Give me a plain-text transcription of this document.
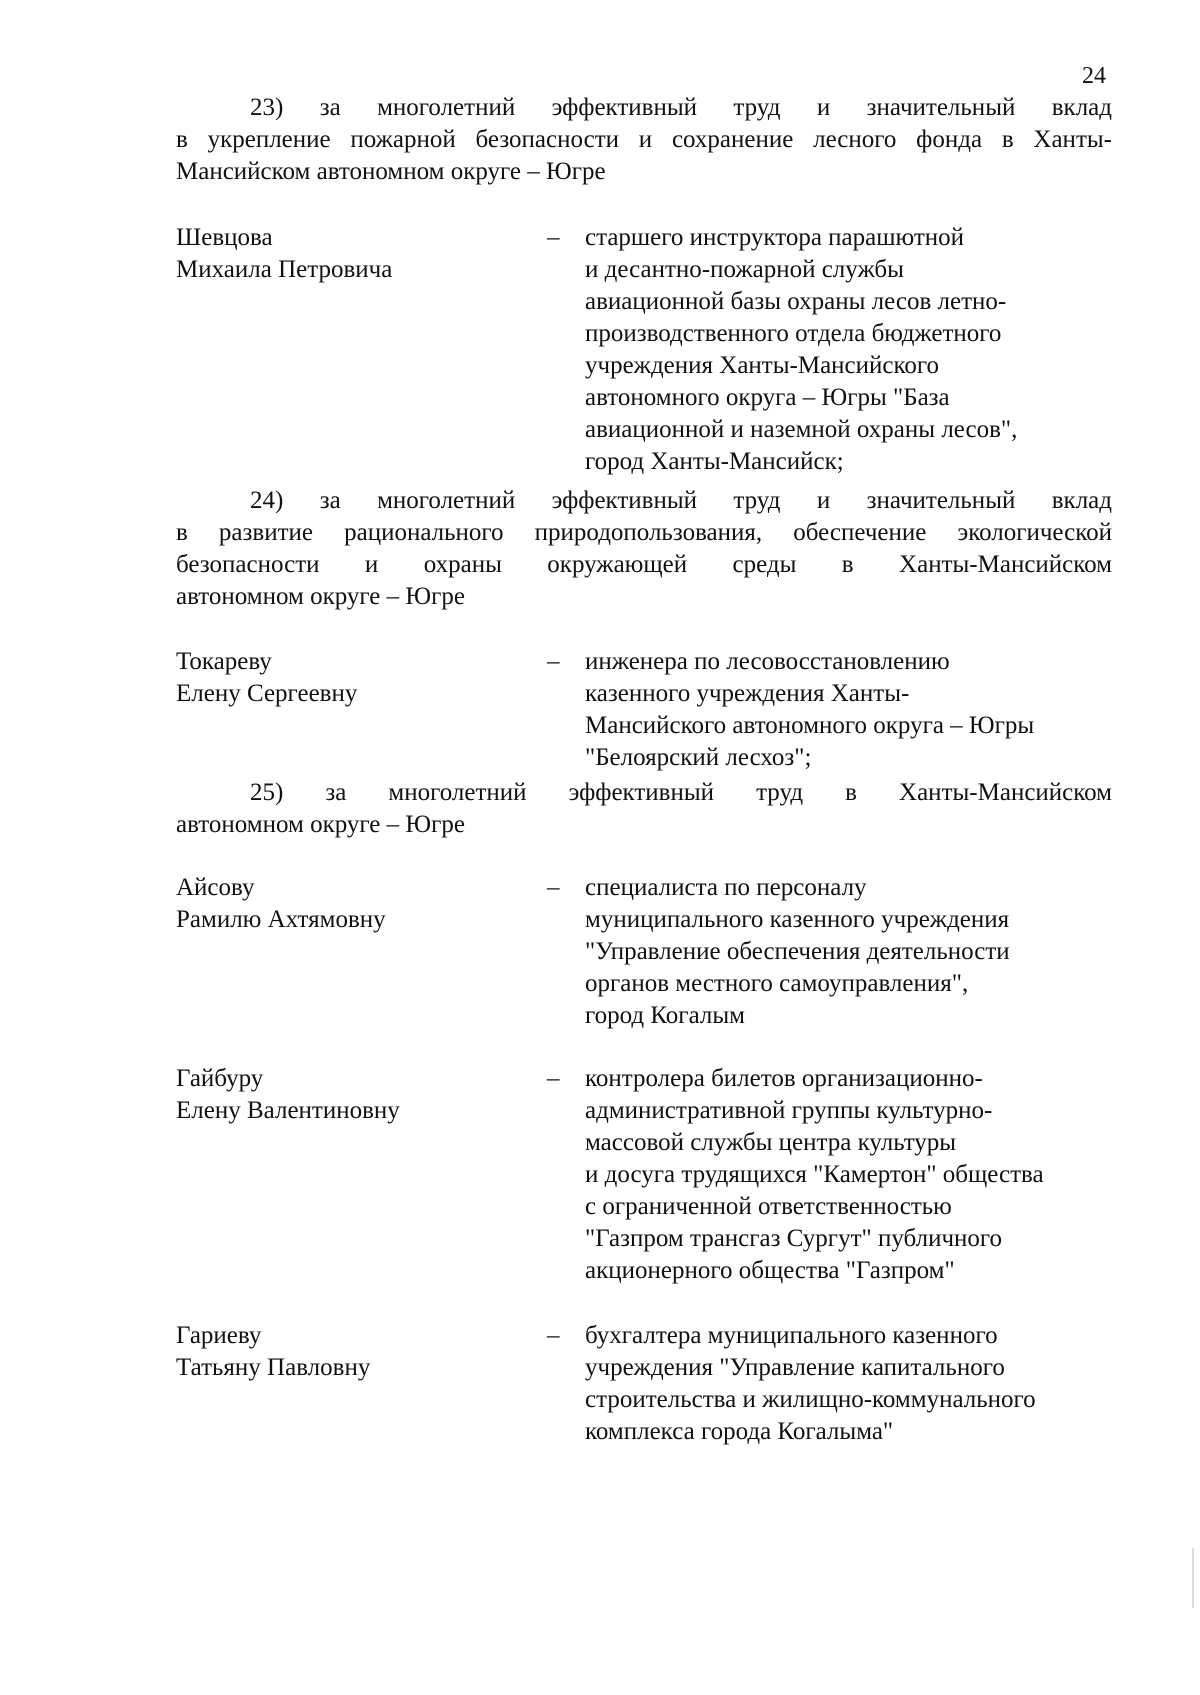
24
23) за многолетний эффективный труд и значительный вклад
в укрепление пожарной безопасности и сохранение лесного фонда в Ханты-
Мансийском автономном округе – Югре
Шевцова
Михаила Петровича
– старшего инструктора парашютной
и десантно-пожарной службы
авиационной базы охраны лесов летно-
производственного отдела бюджетного
учреждения Ханты-Мансийского
автономного округа – Югры "База
авиационной и наземной охраны лесов",
город Ханты-Мансийск;
24) за многолетний эффективный труд и значительный вклад
в развитие рационального природопользования, обеспечение экологической
безопасности и охраны окружающей среды в Ханты-Мансийском
автономном округе – Югре
Токареву
Елену Сергеевну
– инженера по лесовосстановлению
казенного учреждения Ханты-
Мансийского автономного округа – Югры
"Белоярский лесхоз";
25) за многолетний эффективный труд в Ханты-Мансийском
автономном округе – Югре
Айсову
Рамилю Ахтямовну
– специалиста по персоналу
муниципального казенного учреждения
"Управление обеспечения деятельности
органов местного самоуправления",
город Когалым
Гайбуру
Елену Валентиновну
– контролера билетов организационно-
административной группы культурно-
массовой службы центра культуры
и досуга трудящихся "Камертон" общества
с ограниченной ответственностью
"Газпром трансгаз Сургут" публичного
акционерного общества "Газпром"
Гариеву
Татьяну Павловну
– бухгалтера муниципального казенного
учреждения "Управление капитального
строительства и жилищно-коммунального
комплекса города Когалыма"
